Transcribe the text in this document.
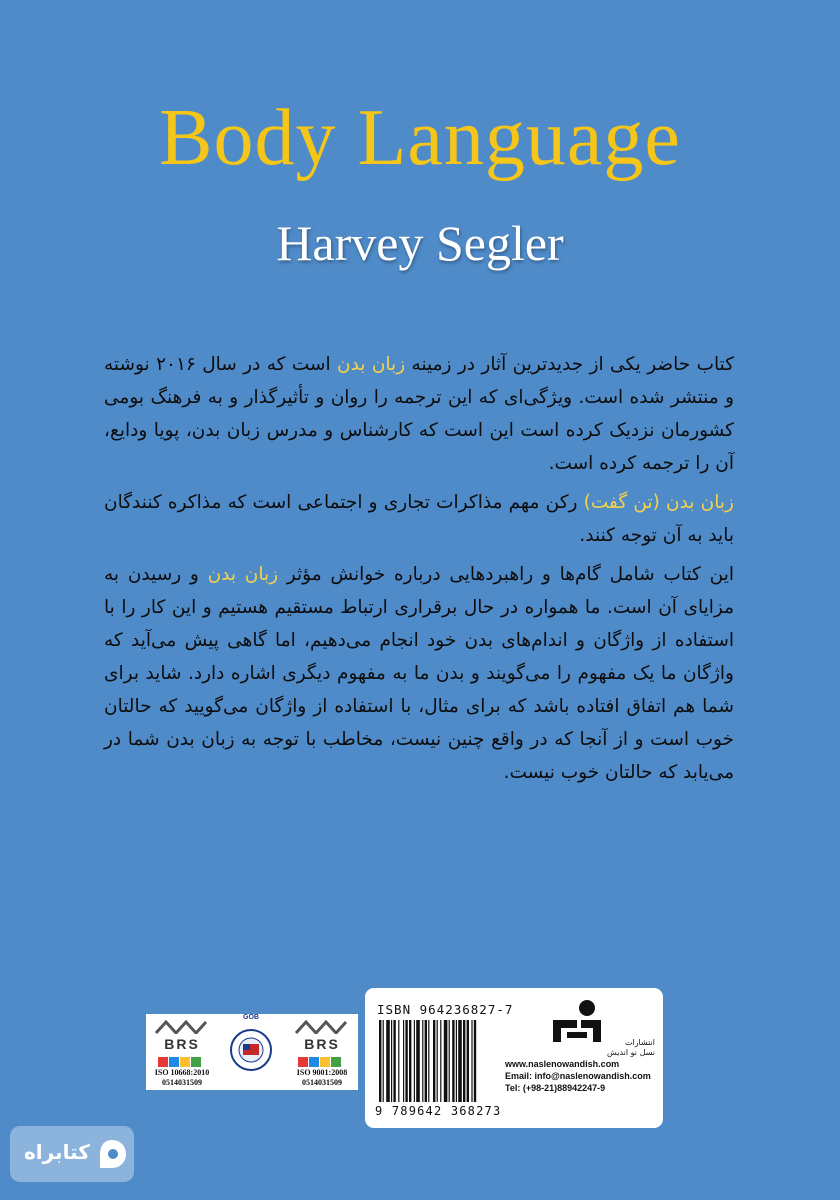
Body Language
Harvey Segler

کتاب حاضر یکی از جدیدترین آثار در زمینه زبان بدن است که در سال ۲۰۱۶ نوشته و منتشر شده است. ویژگی‌ای که این ترجمه را روان و تأثیرگذار و به فرهنگ بومی کشورمان نزدیک کرده است این است که کارشناس و مدرس زبان بدن، پویا ودایع، آن را ترجمه کرده است.

زبان بدن (تن گفت) رکن مهم مذاکرات تجاری و اجتماعی است که مذاکره کنندگان باید به آن توجه کنند.

این کتاب شامل گام‌ها و راهبردهایی درباره خوانش مؤثر زبان بدن و رسیدن به مزایای آن است. ما همواره در حال برقراری ارتباط مستقیم هستیم و این کار را با استفاده از واژگان و اندام‌های بدن خود انجام می‌دهیم، اما گاهی پیش می‌آید که واژگان ما یک مفهوم را می‌گویند و بدن ما به مفهوم دیگری اشاره دارد. شاید برای شما هم اتفاق افتاده باشد که برای مثال، با استفاده از واژگان می‌گویید که حالتان خوب است و از آنجا که در واقع چنین نیست، مخاطب با توجه به زبان بدن شما در می‌یابد که حالتان خوب نیست.

BRS
ISO 10668:2010
0514031509
GOB
BRS
ISO 9001:2008
0514031509
ISBN 964236827-7
9 789642 368273
انتشارات
نسل نو اندیش
www.naslenowandish.com
Email: info@naslenowandish.com
Tel: (+98-21)88942247-9
کتابراه
